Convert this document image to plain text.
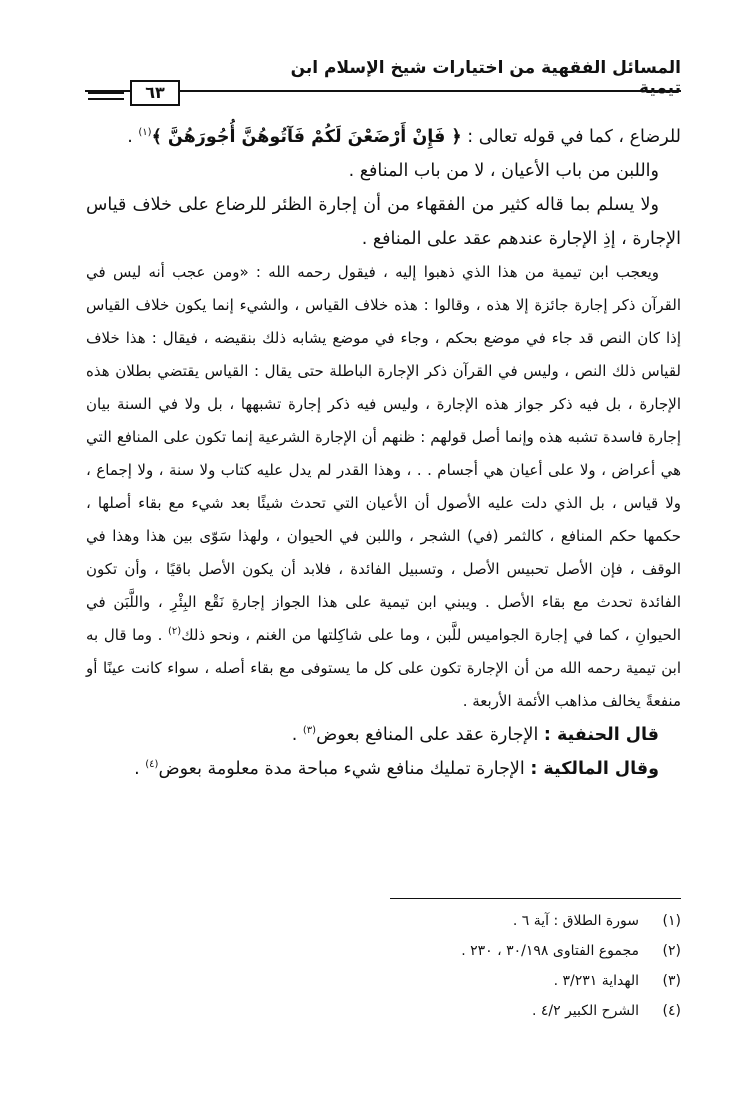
المسائل الفقهية من اختيارات شيخ الإسلام ابن تيمية
٦٣

للرضاع ، كما في قوله تعالى : ﴿ فَإِنْ أَرْضَعْنَ لَكُمْ فَآتُوهُنَّ أُجُورَهُنَّ ﴾$^{(١)}$ .

واللبن من باب الأعيان ، لا من باب المنافع .

ولا يسلم بما قاله كثير من الفقهاء من أن إجارة الظئر للرضاع على خلاف قياس الإجارة ، إذِ الإجارة عندهم عقد على المنافع .

ويعجب ابن تيمية من هذا الذي ذهبوا إليه ، فيقول رحمه الله : «ومن عجب أنه ليس في القرآن ذكر إجارة جائزة إلا هذه ، وقالوا : هذه خلاف القياس ، والشيء إنما يكون خلاف القياس إذا كان النص قد جاء في موضع بحكم ، وجاء في موضع يشابه ذلك بنقيضه ، فيقال : هذا خلاف لقياس ذلك النص ، وليس في القرآن ذكر الإجارة الباطلة حتى يقال : القياس يقتضي بطلان هذه الإجارة ، بل فيه ذكر جواز هذه الإجارة ، وليس فيه ذكر إجارة تشبهها ، بل ولا في السنة بيان إجارة فاسدة تشبه هذه وإنما أصل قولهم : ظنهم أن الإجارة الشرعية إنما تكون على المنافع التي هي أعراض ، ولا على أعيان هي أجسام . . ، وهذا القدر لم يدل عليه كتاب ولا سنة ، ولا إجماع ، ولا قياس ، بل الذي دلت عليه الأصول أن الأعيان التي تحدث شيئًا بعد شيء مع بقاء أصلها ، حكمها حكم المنافع ، كالثمر (في) الشجر ، واللبن في الحيوان ، ولهذا سَوّى بين هذا وهذا في الوقف ، فإن الأصل تحبيس الأصل ، وتسبيل الفائدة ، فلابد أن يكون الأصل باقيًا ، وأن تكون الفائدة تحدث مع بقاء الأصل . ويبني ابن تيمية على هذا الجواز إجارةِ نَقْع البِئْرِ ، واللَّبَن في الحيوانِ ، كما في إجارة الجواميس للَّبن ، وما على شاكِلتها من الغنم ، ونحو ذلك$^{(٢)}$ . وما قال به ابن تيمية رحمه الله من أن الإجارة تكون على كل ما يستوفى مع بقاء أصله ، سواء كانت عينًا أو منفعةً يخالف مذاهب الأئمة الأربعة .

قال الحنفية : الإجارة عقد على المنافع بعوض$^{(٣)}$ .

وقال المالكية : الإجارة تمليك منافع شيء مباحة مدة معلومة بعوض$^{(٤)}$ .

(١)سورة الطلاق : آية ٦ .
(٢)مجموع الفتاوى ٣٠/١٩٨ ، ٢٣٠ .
(٣)الهداية ٣/٢٣١ .
(٤)الشرح الكبير ٤/٢ .
